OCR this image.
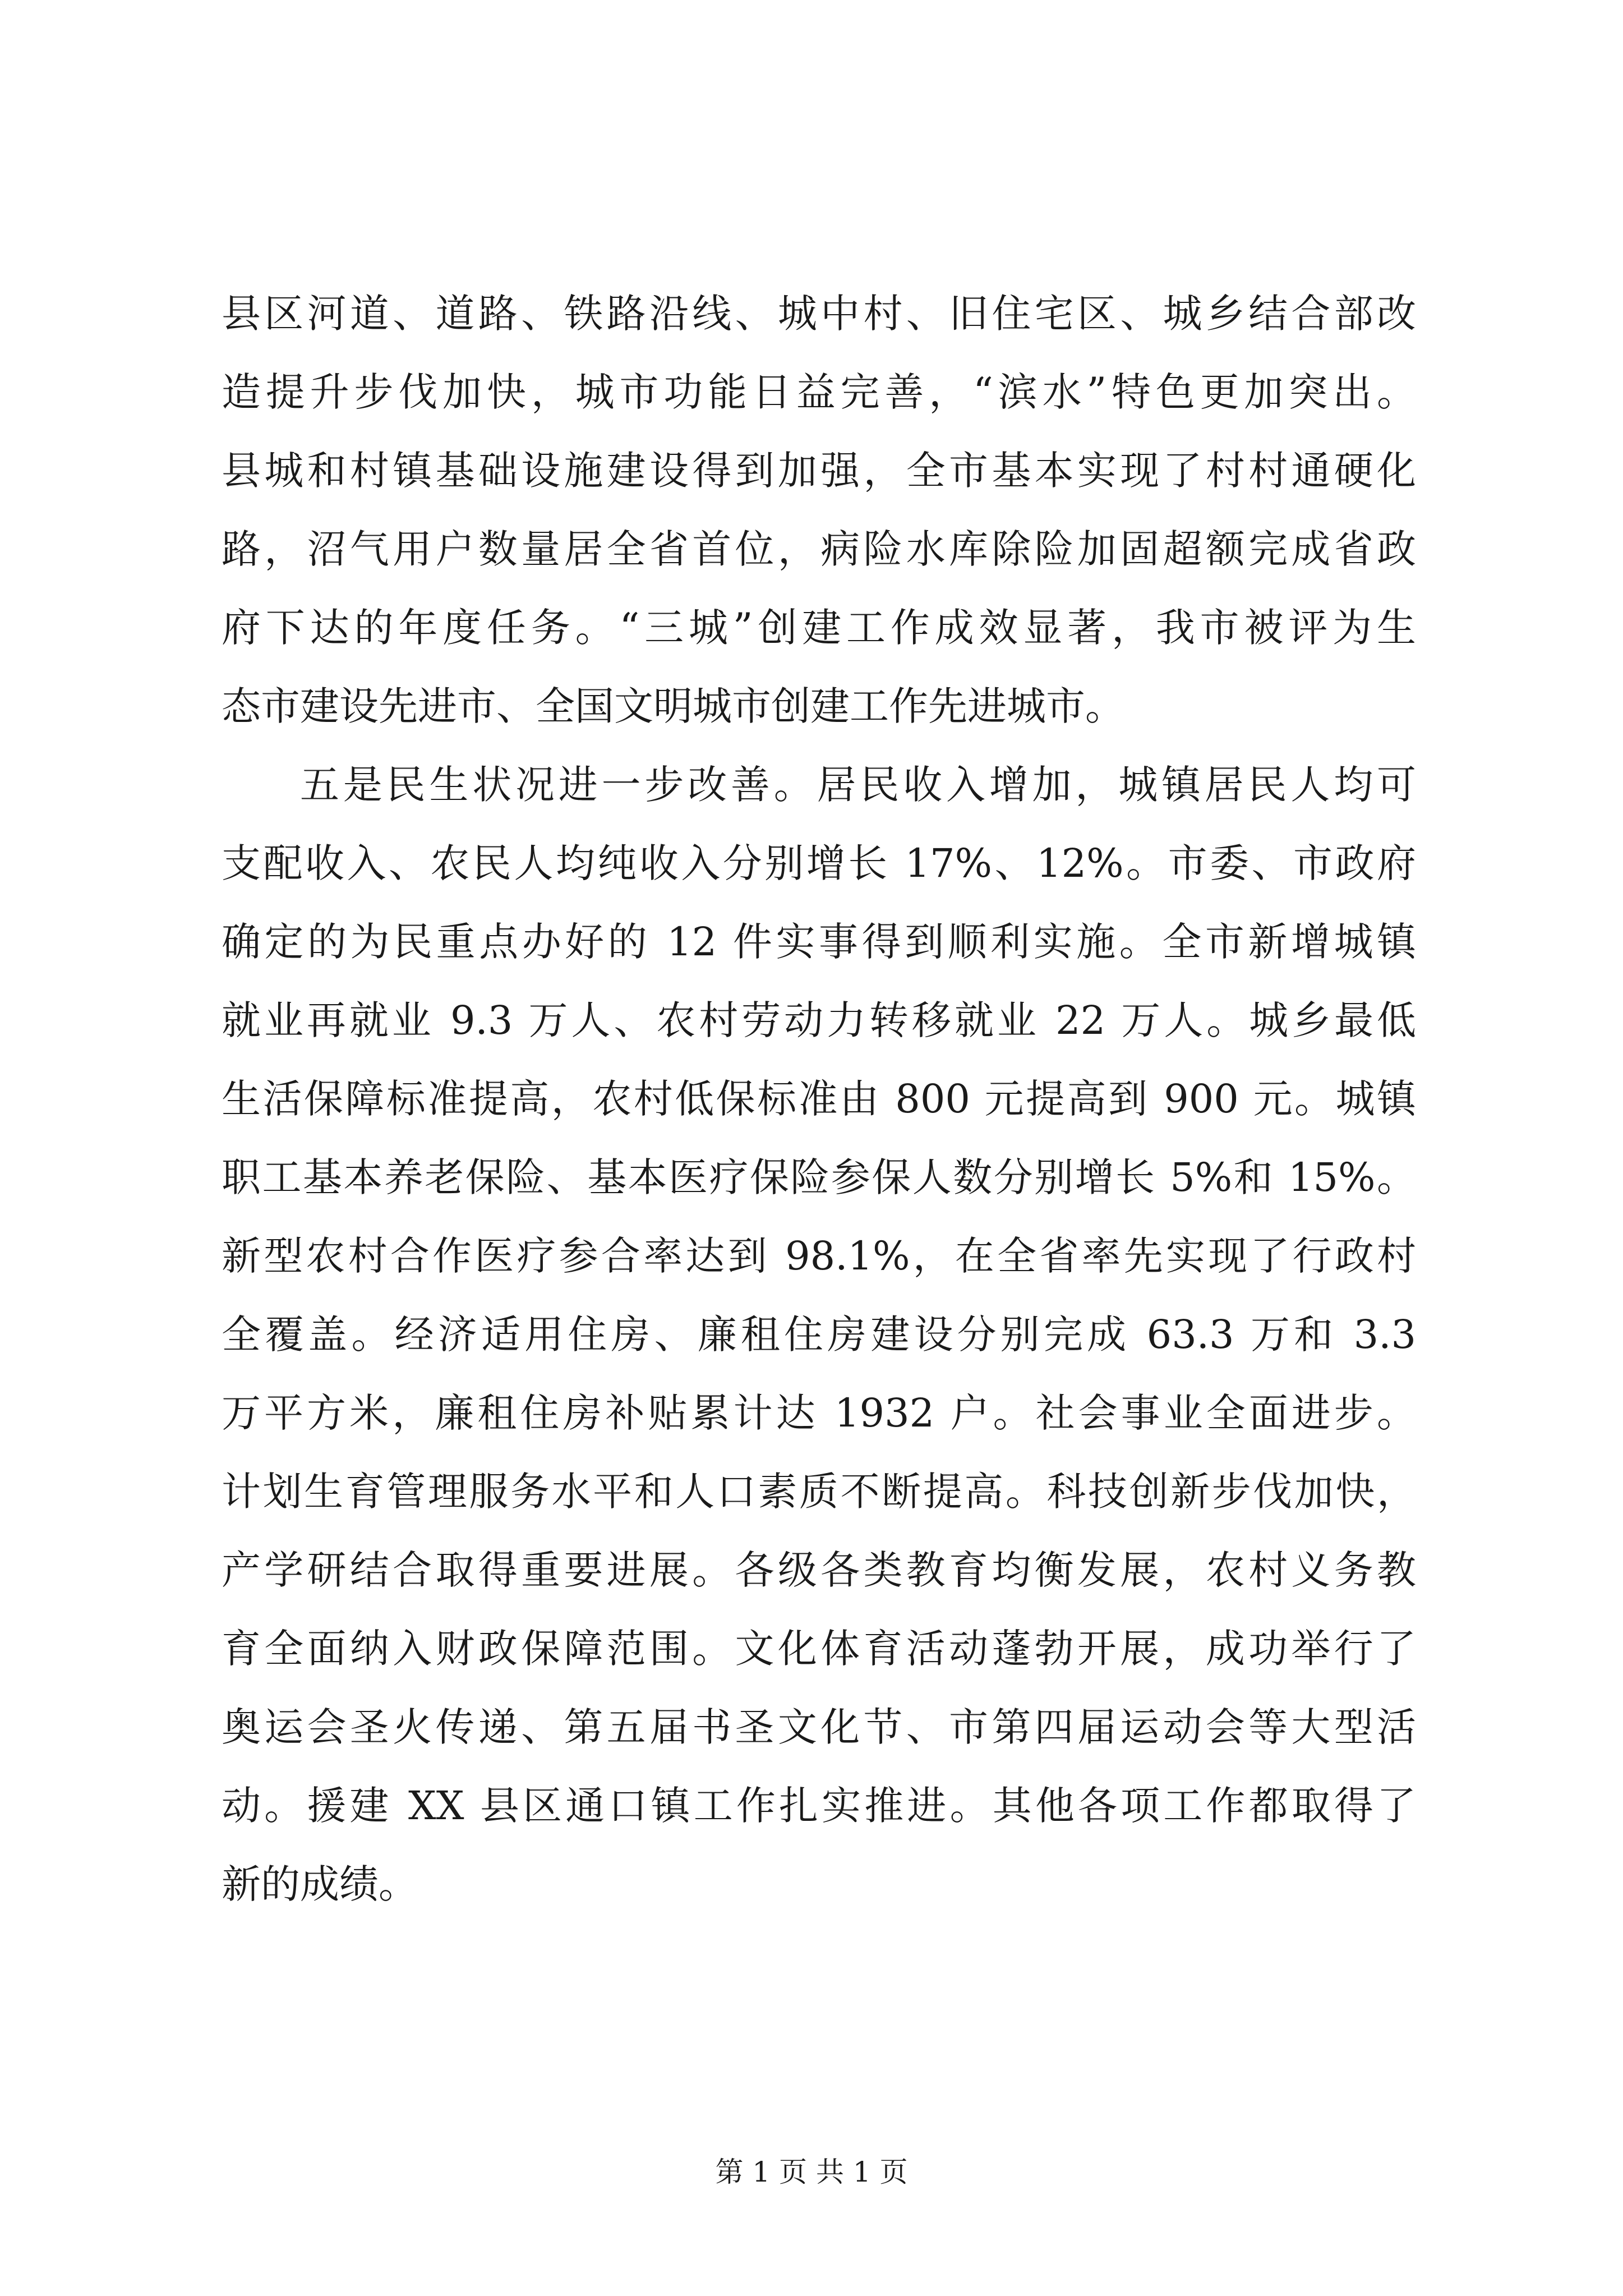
县区河道、道路、铁路沿线、城中村、旧住宅区、城乡结合部改
造提升步伐加快，城市功能日益完善，“滨水”特色更加突出。
县城和村镇基础设施建设得到加强，全市基本实现了村村通硬化
路，沼气用户数量居全省首位，病险水库除险加固超额完成省政
府下达的年度任务。“三城”创建工作成效显著，我市被评为生
态市建设先进市、全国文明城市创建工作先进城市。
五是民生状况进一步改善。居民收入增加，城镇居民人均可
支配收入、农民人均纯收入分别增长 17%、12%。市委、市政府
确定的为民重点办好的 12 件实事得到顺利实施。全市新增城镇
就业再就业 9.3 万人、农村劳动力转移就业 22 万人。城乡最低
生活保障标准提高，农村低保标准由 800 元提高到 900 元。城镇
职工基本养老保险、基本医疗保险参保人数分别增长 5%和 15%。
新型农村合作医疗参合率达到 98.1%，在全省率先实现了行政村
全覆盖。经济适用住房、廉租住房建设分别完成 63.3 万和 3.3
万平方米，廉租住房补贴累计达 1932 户。社会事业全面进步。
计划生育管理服务水平和人口素质不断提高。科技创新步伐加快，
产学研结合取得重要进展。各级各类教育均衡发展，农村义务教
育全面纳入财政保障范围。文化体育活动蓬勃开展，成功举行了
奥运会圣火传递、第五届书圣文化节、市第四届运动会等大型活
动。援建 XX 县区通口镇工作扎实推进。其他各项工作都取得了
新的成绩。
第 1 页 共 1 页
